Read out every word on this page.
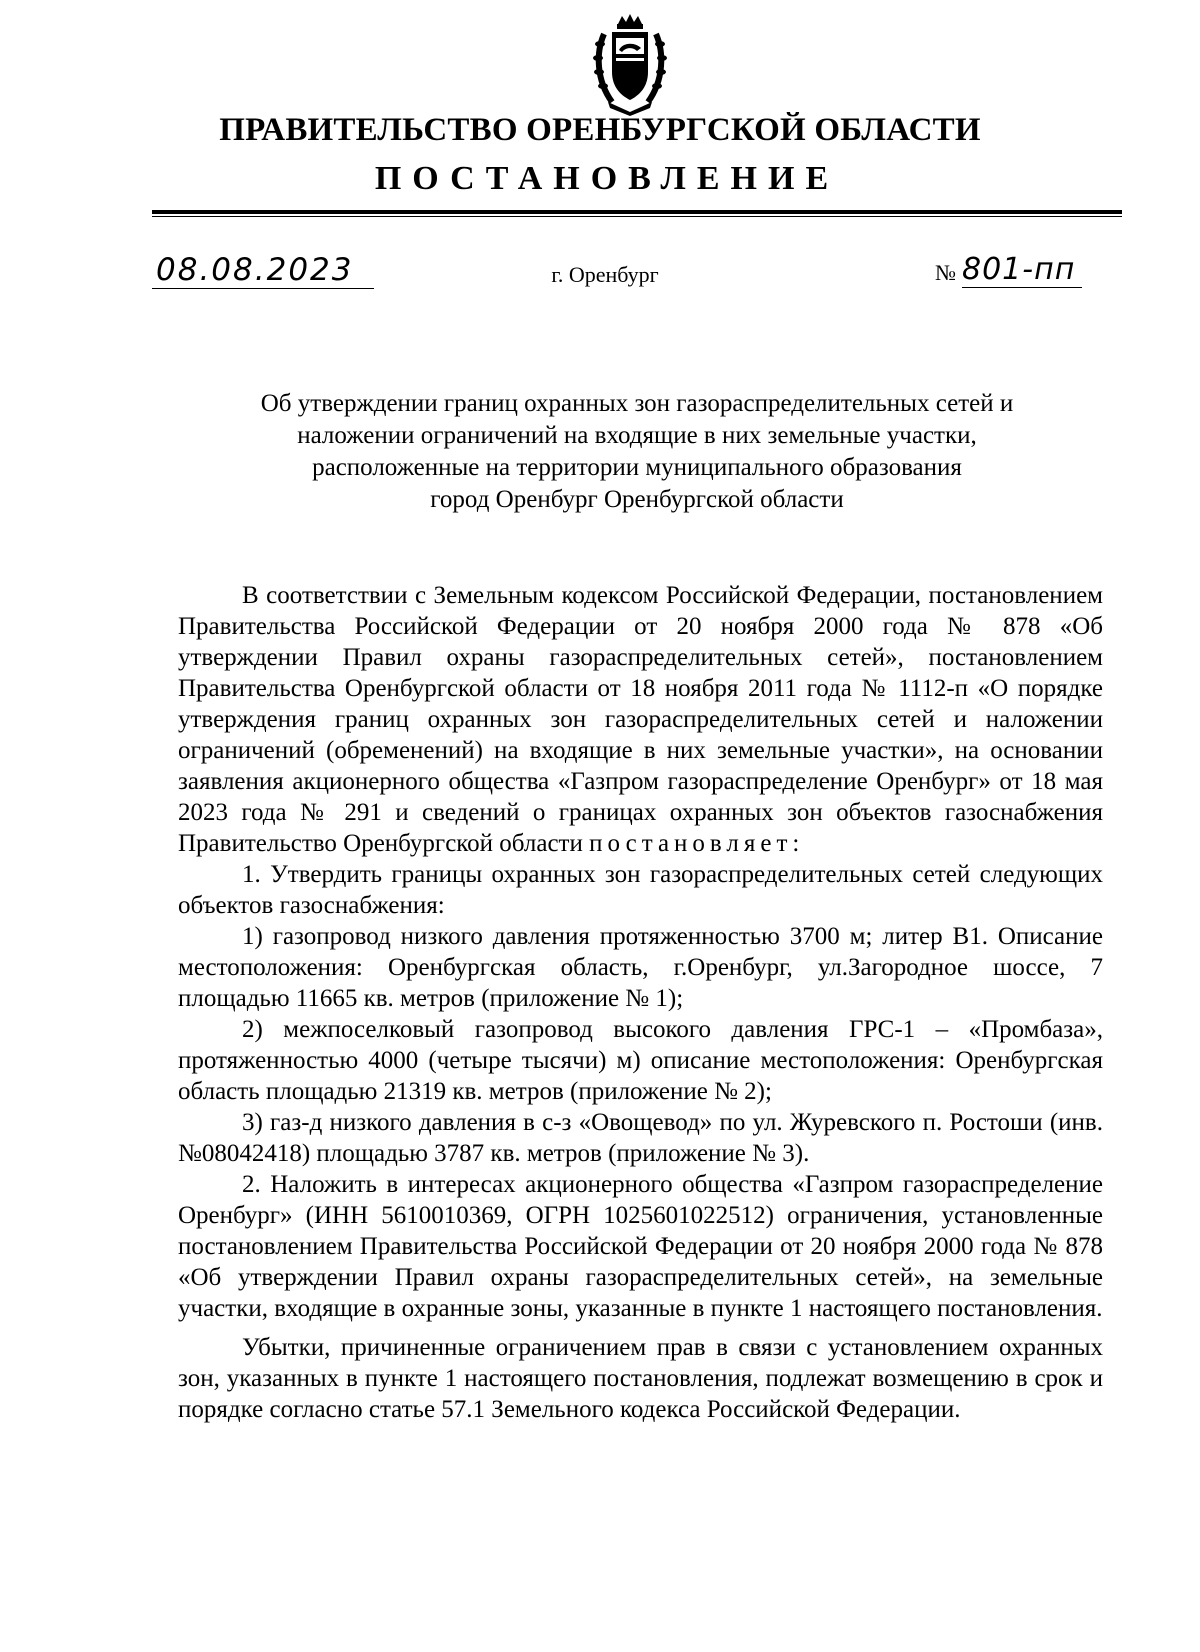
ПРАВИТЕЛЬСТВО ОРЕНБУРГСКОЙ ОБЛАСТИ
ПОСТАНОВЛЕНИЕ
08.08.2023	г. Оренбург	№ 801-пп
Об утверждении границ охранных зон газораспределительных сетей и
наложении ограничений на входящие в них земельные участки,
расположенные на территории муниципального образования
город Оренбург Оренбургской области

В соответствии с Земельным кодексом Российской Федерации, постановлением Правительства Российской Федерации от 20 ноября 2000 года № 878 «Об утверждении Правил охраны газораспределительных сетей», постановлением Правительства Оренбургской области от 18 ноября 2011 года № 1112-п «О порядке утверждения границ охранных зон газораспределительных сетей и наложении ограничений (обременений) на входящие в них земельные участки», на основании заявления акционерного общества «Газпром газораспределение Оренбург» от 18 мая 2023 года № 291 и сведений о границах охранных зон объектов газоснабжения Правительство Оренбургской области постановляет:

1. Утвердить границы охранных зон газораспределительных сетей следующих объектов газоснабжения:

1) газопровод низкого давления протяженностью 3700 м; литер В1. Описание местоположения: Оренбургская область, г.Оренбург, ул.Загородное шоссе, 7 площадью 11665 кв. метров (приложение № 1);

2) межпоселковый газопровод высокого давления ГРС-1 – «Промбаза», протяженностью 4000 (четыре тысячи) м) описание местоположения: Оренбургская область площадью 21319 кв. метров (приложение № 2);

3) газ-д низкого давления в с-з «Овощевод» по ул. Журевского п. Ростоши (инв.№08042418) площадью 3787 кв. метров (приложение № 3).

2. Наложить в интересах акционерного общества «Газпром газораспределение Оренбург» (ИНН 5610010369, ОГРН 1025601022512) ограничения, установленные постановлением Правительства Российской Федерации от 20 ноября 2000 года № 878 «Об утверждении Правил охраны газораспределительных сетей», на земельные участки, входящие в охранные зоны, указанные в пункте 1 настоящего постановления.

Убытки, причиненные ограничением прав в связи с установлением охранных зон, указанных в пункте 1 настоящего постановления, подлежат возмещению в срок и порядке согласно статье 57.1 Земельного кодекса Российской Федерации.
